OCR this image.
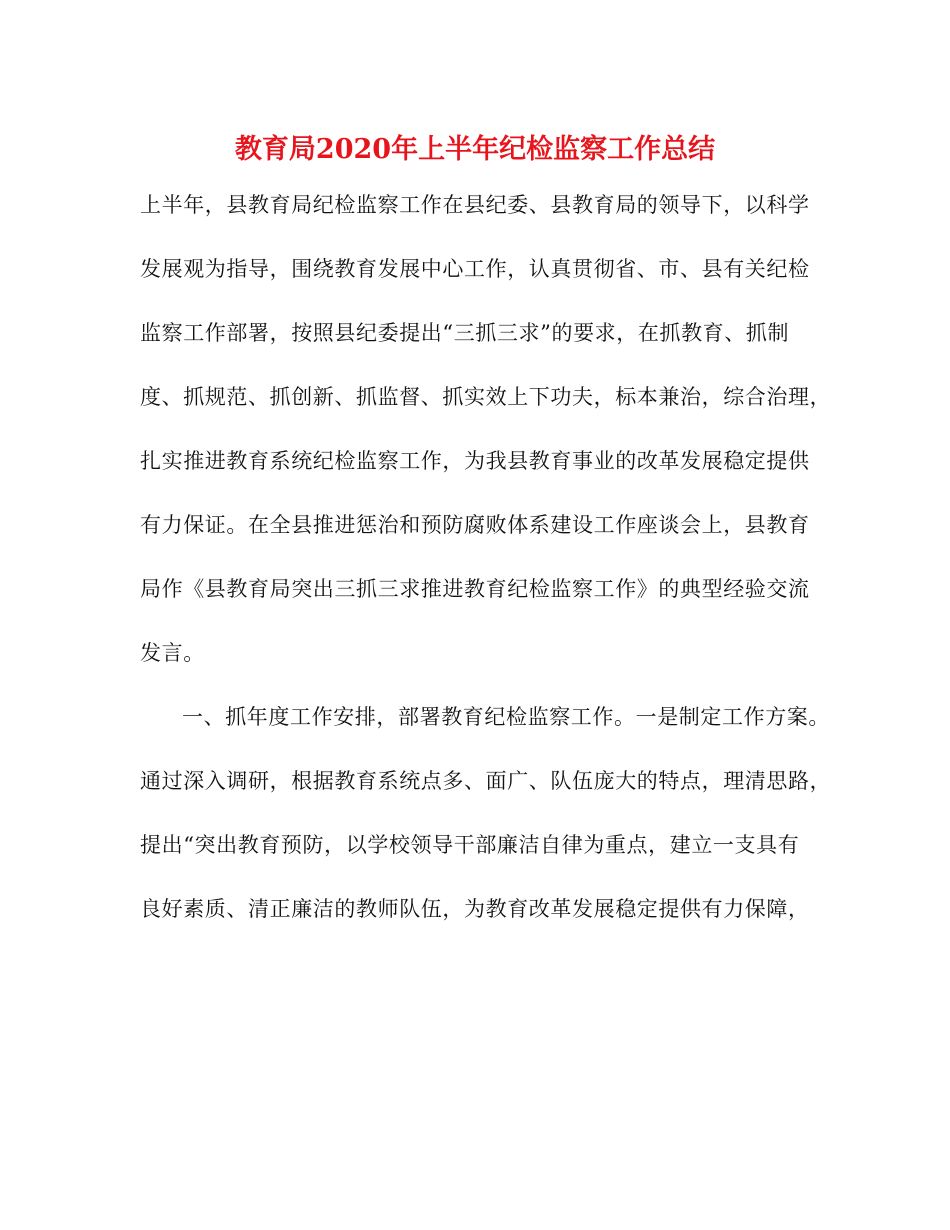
教育局2020年上半年纪检监察工作总结

上半年，县教育局纪检监察工作在县纪委、县教育局的领导下，以科学

发展观为指导，围绕教育发展中心工作，认真贯彻省、市、县有关纪检

监察工作部署，按照县纪委提出“三抓三求”的要求，在抓教育、抓制

度、抓规范、抓创新、抓监督、抓实效上下功夫，标本兼治，综合治理，

扎实推进教育系统纪检监察工作，为我县教育事业的改革发展稳定提供

有力保证。在全县推进惩治和预防腐败体系建设工作座谈会上，县教育

局作《县教育局突出三抓三求推进教育纪检监察工作》的典型经验交流

发言。

一、抓年度工作安排，部署教育纪检监察工作。一是制定工作方案。

通过深入调研，根据教育系统点多、面广、队伍庞大的特点，理清思路，

提出“突出教育预防，以学校领导干部廉洁自律为重点，建立一支具有

良好素质、清正廉洁的教师队伍，为教育改革发展稳定提供有力保障，
